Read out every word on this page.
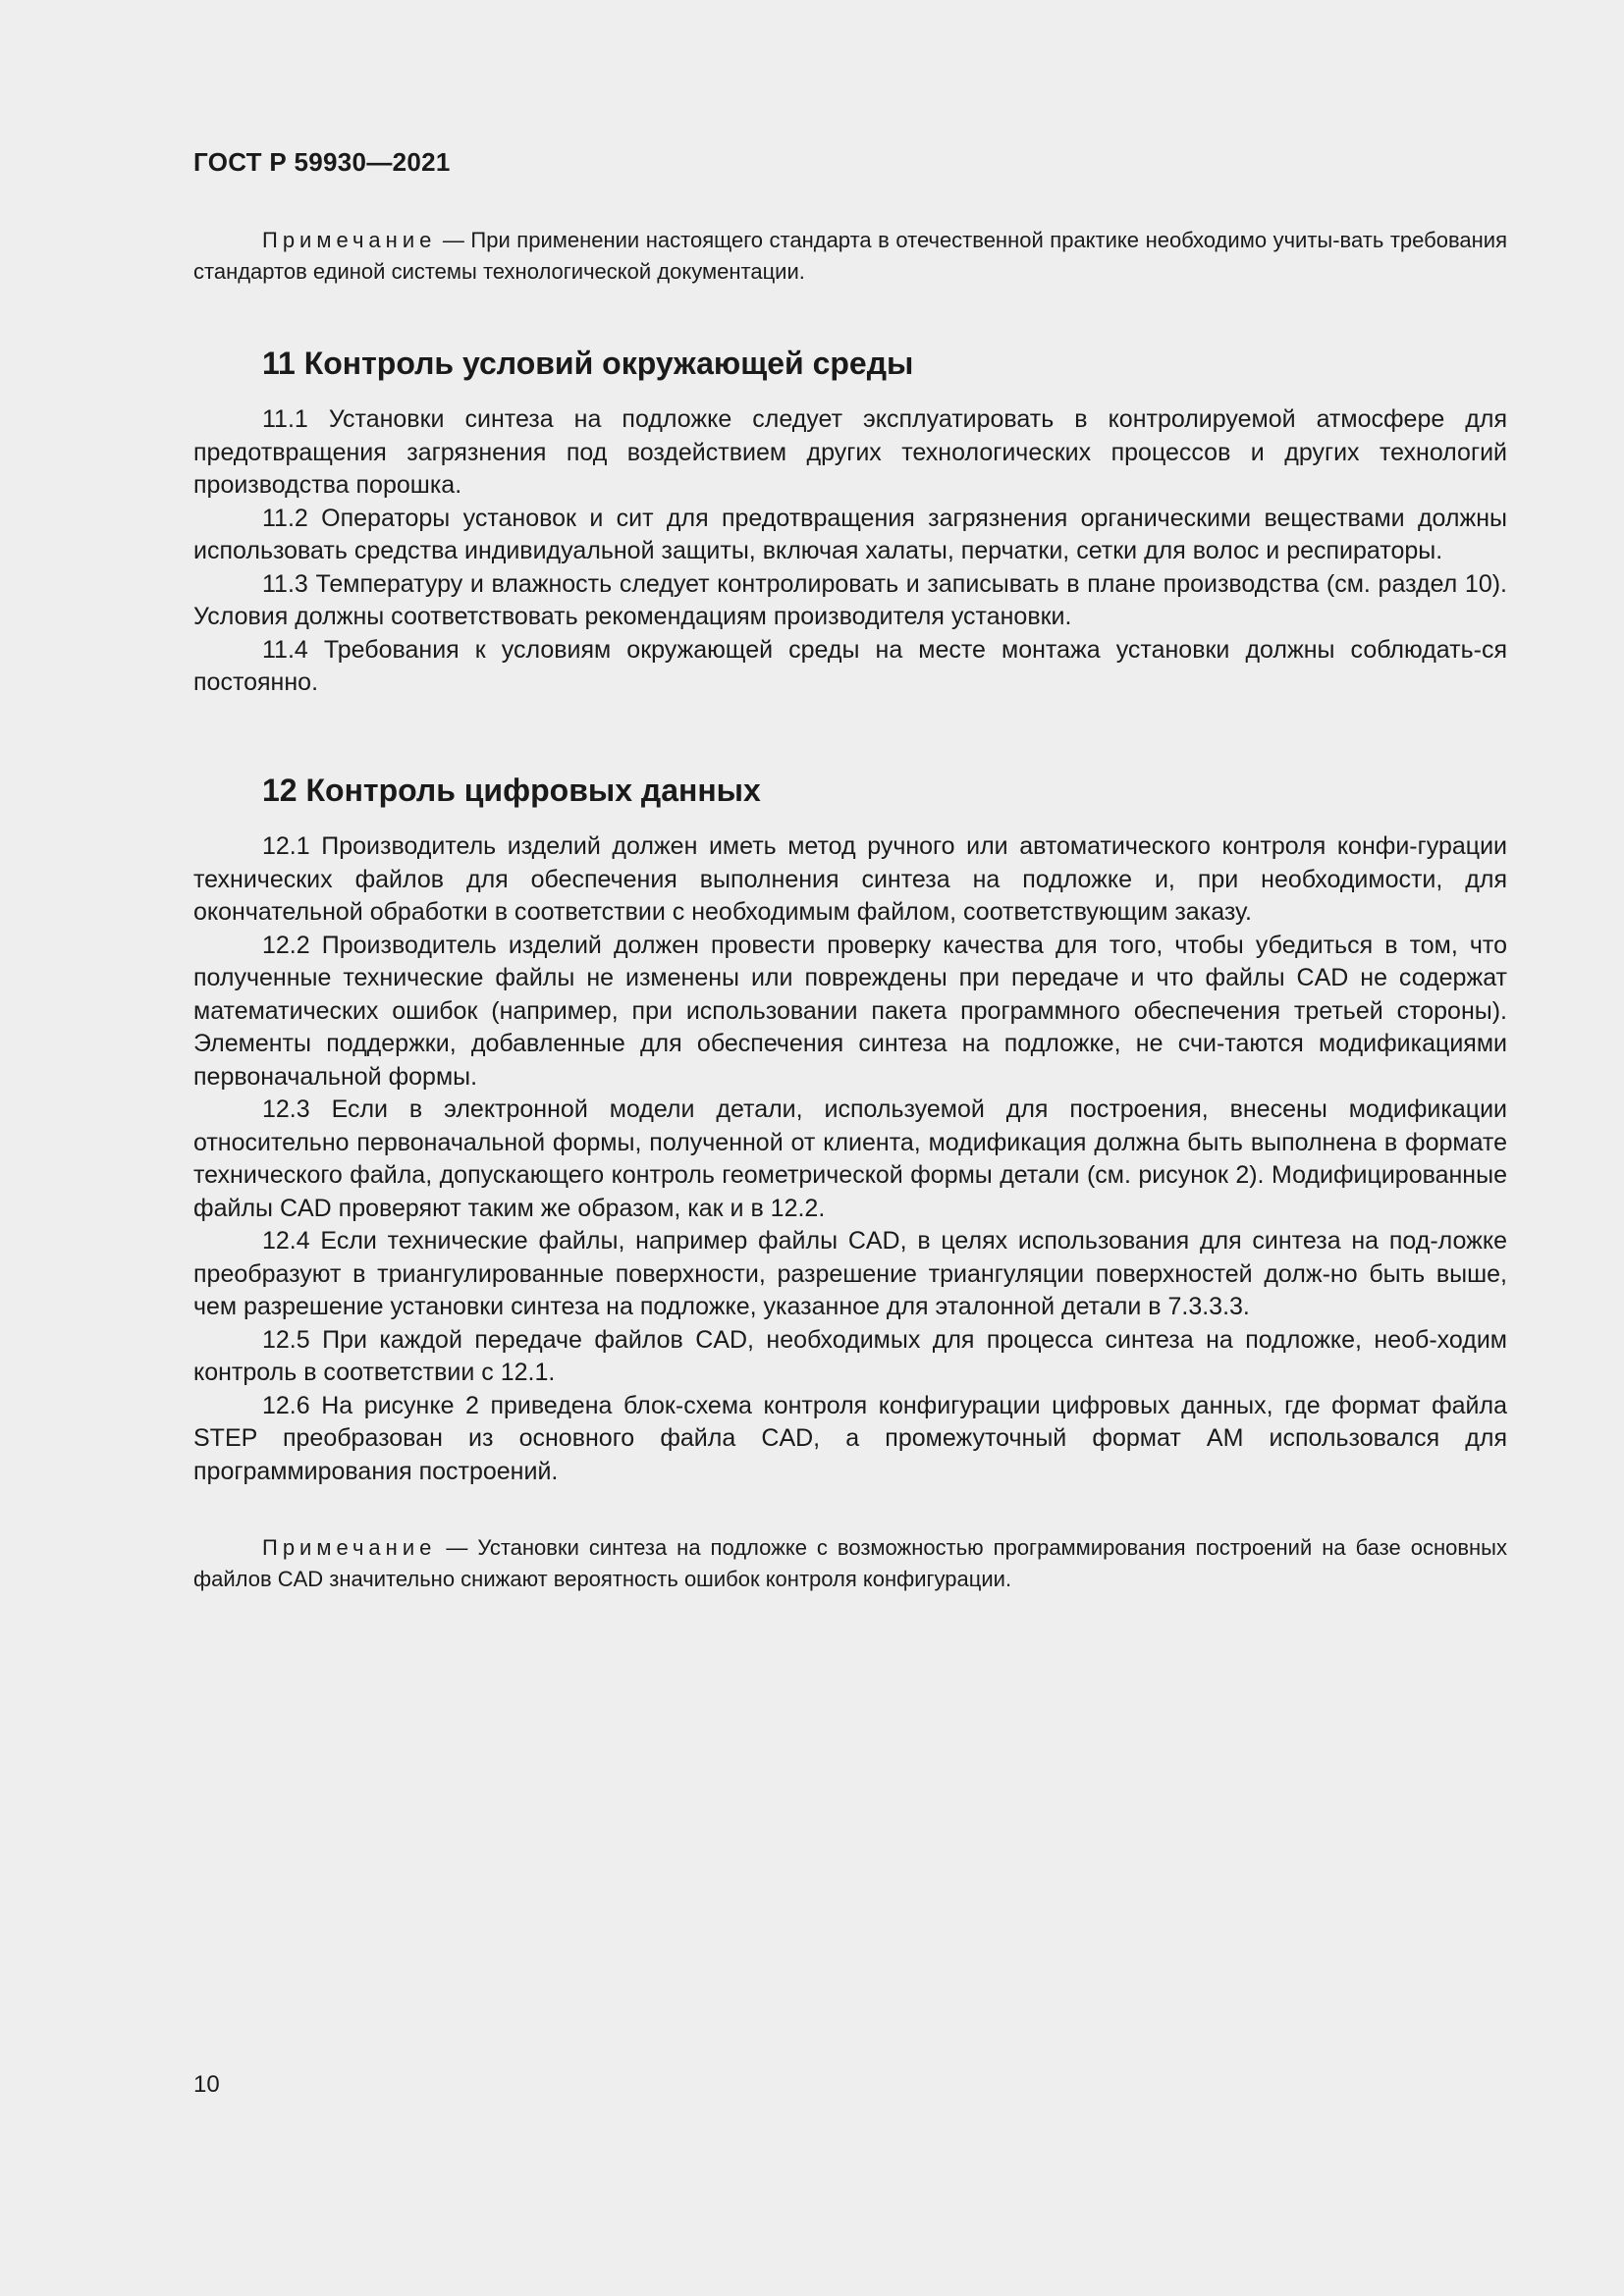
ГОСТ Р 59930—2021

Примечание — При применении настоящего стандарта в отечественной практике необходимо учиты-вать требования стандартов единой системы технологической документации.

11 Контроль условий окружающей среды

11.1 Установки синтеза на подложке следует эксплуатировать в контролируемой атмосфере для предотвращения загрязнения под воздействием других технологических процессов и других технологий производства порошка.

11.2 Операторы установок и сит для предотвращения загрязнения органическими веществами должны использовать средства индивидуальной защиты, включая халаты, перчатки, сетки для волос и респираторы.

11.3 Температуру и влажность следует контролировать и записывать в плане производства (см. раздел 10). Условия должны соответствовать рекомендациям производителя установки.

11.4 Требования к условиям окружающей среды на месте монтажа установки должны соблюдать-ся постоянно.

12 Контроль цифровых данных

12.1 Производитель изделий должен иметь метод ручного или автоматического контроля конфи-гурации технических файлов для обеспечения выполнения синтеза на подложке и, при необходимости, для окончательной обработки в соответствии с необходимым файлом, соответствующим заказу.

12.2 Производитель изделий должен провести проверку качества для того, чтобы убедиться в том, что полученные технические файлы не изменены или повреждены при передаче и что файлы CAD не содержат математических ошибок (например, при использовании пакета программного обеспечения третьей стороны). Элементы поддержки, добавленные для обеспечения синтеза на подложке, не счи-таются модификациями первоначальной формы.

12.3 Если в электронной модели детали, используемой для построения, внесены модификации относительно первоначальной формы, полученной от клиента, модификация должна быть выполнена в формате технического файла, допускающего контроль геометрической формы детали (см. рисунок 2). Модифицированные файлы CAD проверяют таким же образом, как и в 12.2.

12.4 Если технические файлы, например файлы CAD, в целях использования для синтеза на под-ложке преобразуют в триангулированные поверхности, разрешение триангуляции поверхностей долж-но быть выше, чем разрешение установки синтеза на подложке, указанное для эталонной детали в 7.3.3.3.

12.5 При каждой передаче файлов CAD, необходимых для процесса синтеза на подложке, необ-ходим контроль в соответствии с 12.1.

12.6 На рисунке 2 приведена блок-схема контроля конфигурации цифровых данных, где формат файла STEP преобразован из основного файла CAD, а промежуточный формат AM использовался для программирования построений.

Примечание — Установки синтеза на подложке с возможностью программирования построений на базе основных файлов CAD значительно снижают вероятность ошибок контроля конфигурации.

10
